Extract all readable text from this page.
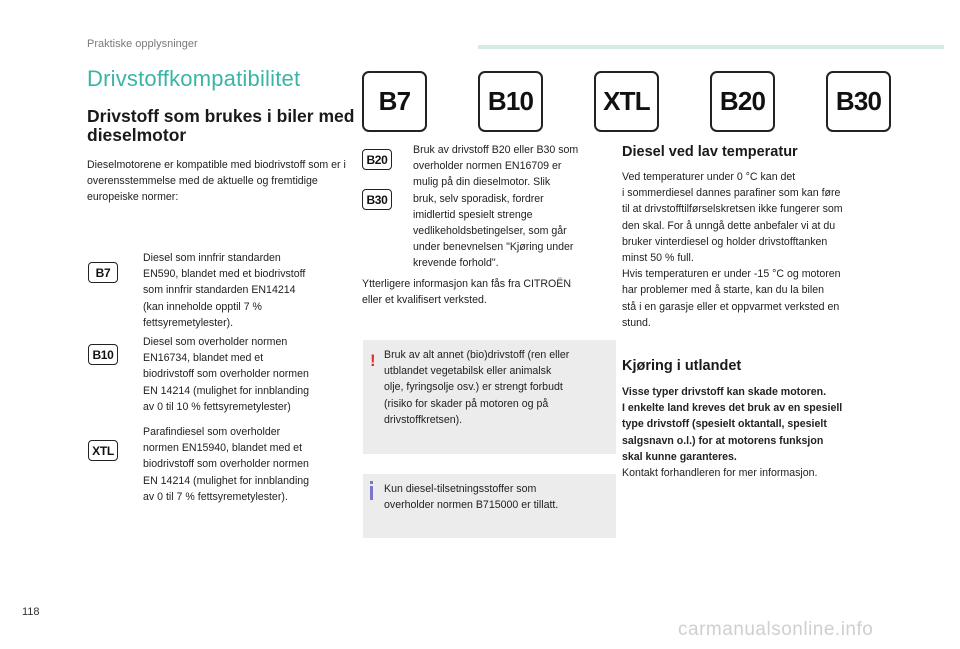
Praktiske opplysninger
Drivstoffkompatibilitet
Drivstoff som brukes i biler med dieselmotor
Dieselmotorene er kompatible med biodrivstoff som er i overensstemmelse med de aktuelle og fremtidige europeiske normer:
B7
Diesel som innfrir standarden
EN590, blandet med et biodrivstoff
som innfrir standarden EN14214
(kan inneholde opptil 7 %
fettsyremetylester).
B10
Diesel som overholder normen
EN16734, blandet med et
biodrivstoff som overholder normen
EN 14214 (mulighet for innblanding
av 0 til 10 % fettsyremetylester)
XTL
Parafindiesel som overholder
normen EN15940, blandet med et
biodrivstoff som overholder normen
EN 14214 (mulighet for innblanding
av 0 til 7 % fettsyremetylester).
B7	B10	XTL	B20	B30
B20
B30
Bruk av drivstoff B20 eller B30 som
overholder normen EN16709 er
mulig på din dieselmotor. Slik
bruk, selv sporadisk, fordrer
imidlertid spesielt strenge
vedlikeholdsbetingelser, som går
under benevnelsen "Kjøring under
krevende forhold".
Ytterligere informasjon kan fås fra CITROËN
eller et kvalifisert verksted.
! Bruk av alt annet (bio)drivstoff (ren eller
utblandet vegetabilsk eller animalsk
olje, fyringsolje osv.) er strengt forbudt
(risiko for skader på motoren og på
drivstoffkretsen).
Kun diesel-tilsetningsstoffer som
overholder normen B715000 er tillatt.
Diesel ved lav temperatur
Ved temperaturer under 0 °C kan det
i sommerdiesel dannes parafiner som kan føre
til at drivstofftilførselskretsen ikke fungerer som
den skal. For å unngå dette anbefaler vi at du
bruker vinterdiesel og holder drivstofftanken
minst 50 % full.
Hvis temperaturen er under -15 °C og motoren
har problemer med å starte, kan du la bilen
stå i en garasje eller et oppvarmet verksted en
stund.
Kjøring i utlandet
Visse typer drivstoff kan skade motoren.
I enkelte land kreves det bruk av en spesiell
type drivstoff (spesielt oktantall, spesielt
salgsnavn o.l.) for at motorens funksjon
skal kunne garanteres.
Kontakt forhandleren for mer informasjon.
118
carmanualsonline.info
